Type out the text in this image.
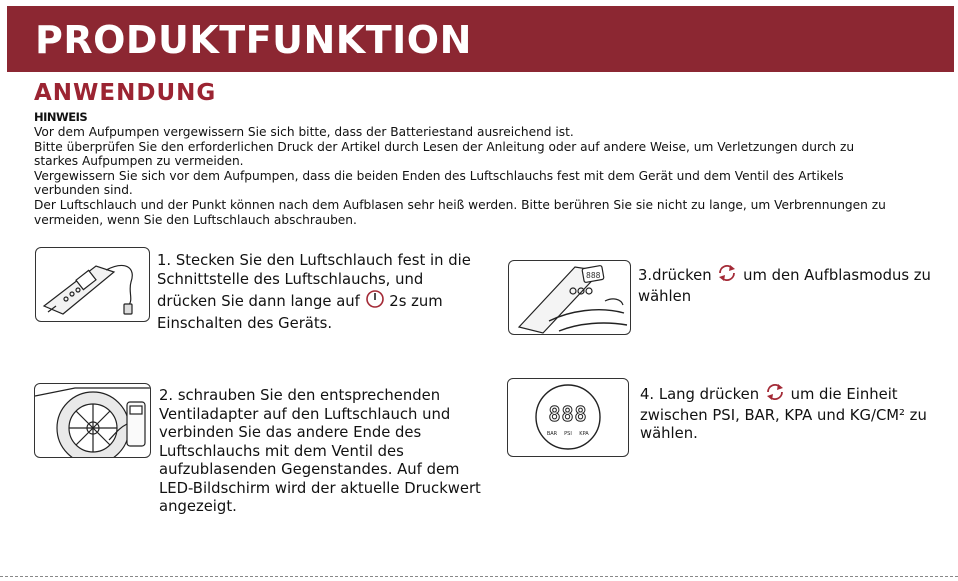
PRODUKTFUNKTION
ANWENDUNG
HINWEIS

Vor dem Aufpumpen vergewissern Sie sich bitte, dass der Batteriestand ausreichend ist.

Bitte überprüfen Sie den erforderlichen Druck der Artikel durch Lesen der Anleitung oder auf andere Weise, um Verletzungen durch zu starkes Aufpumpen zu vermeiden.

Vergewissern Sie sich vor dem Aufpumpen, dass die beiden Enden des Luftschlauchs fest mit dem Gerät und dem Ventil des Artikels verbunden sind.

Der Luftschlauch und der Punkt können nach dem Aufblasen sehr heiß werden. Bitte berühren Sie sie nicht zu lange, um Verbrennungen zu vermeiden, wenn Sie den Luftschlauch abschrauben.

1. Stecken Sie den Luftschlauch fest in die Schnittstelle des Luftschlauchs, und drücken Sie dann lange auf 2s zum Einschalten des Geräts.

888	3.drücken um den Aufblasmodus zu wählen

2. schrauben Sie den entsprechenden Ventiladapter auf den Luftschlauch und verbinden Sie das andere Ende des Luftschlauchs mit dem Ventil des aufzublasenden Gegenstandes. Auf dem LED-Bildschirm wird der aktuelle Druckwert angezeigt.

888
BAR PSI KPA

4. Lang drücken um die Einheit zwischen PSI, BAR, KPA und KG/CM² zu wählen.
